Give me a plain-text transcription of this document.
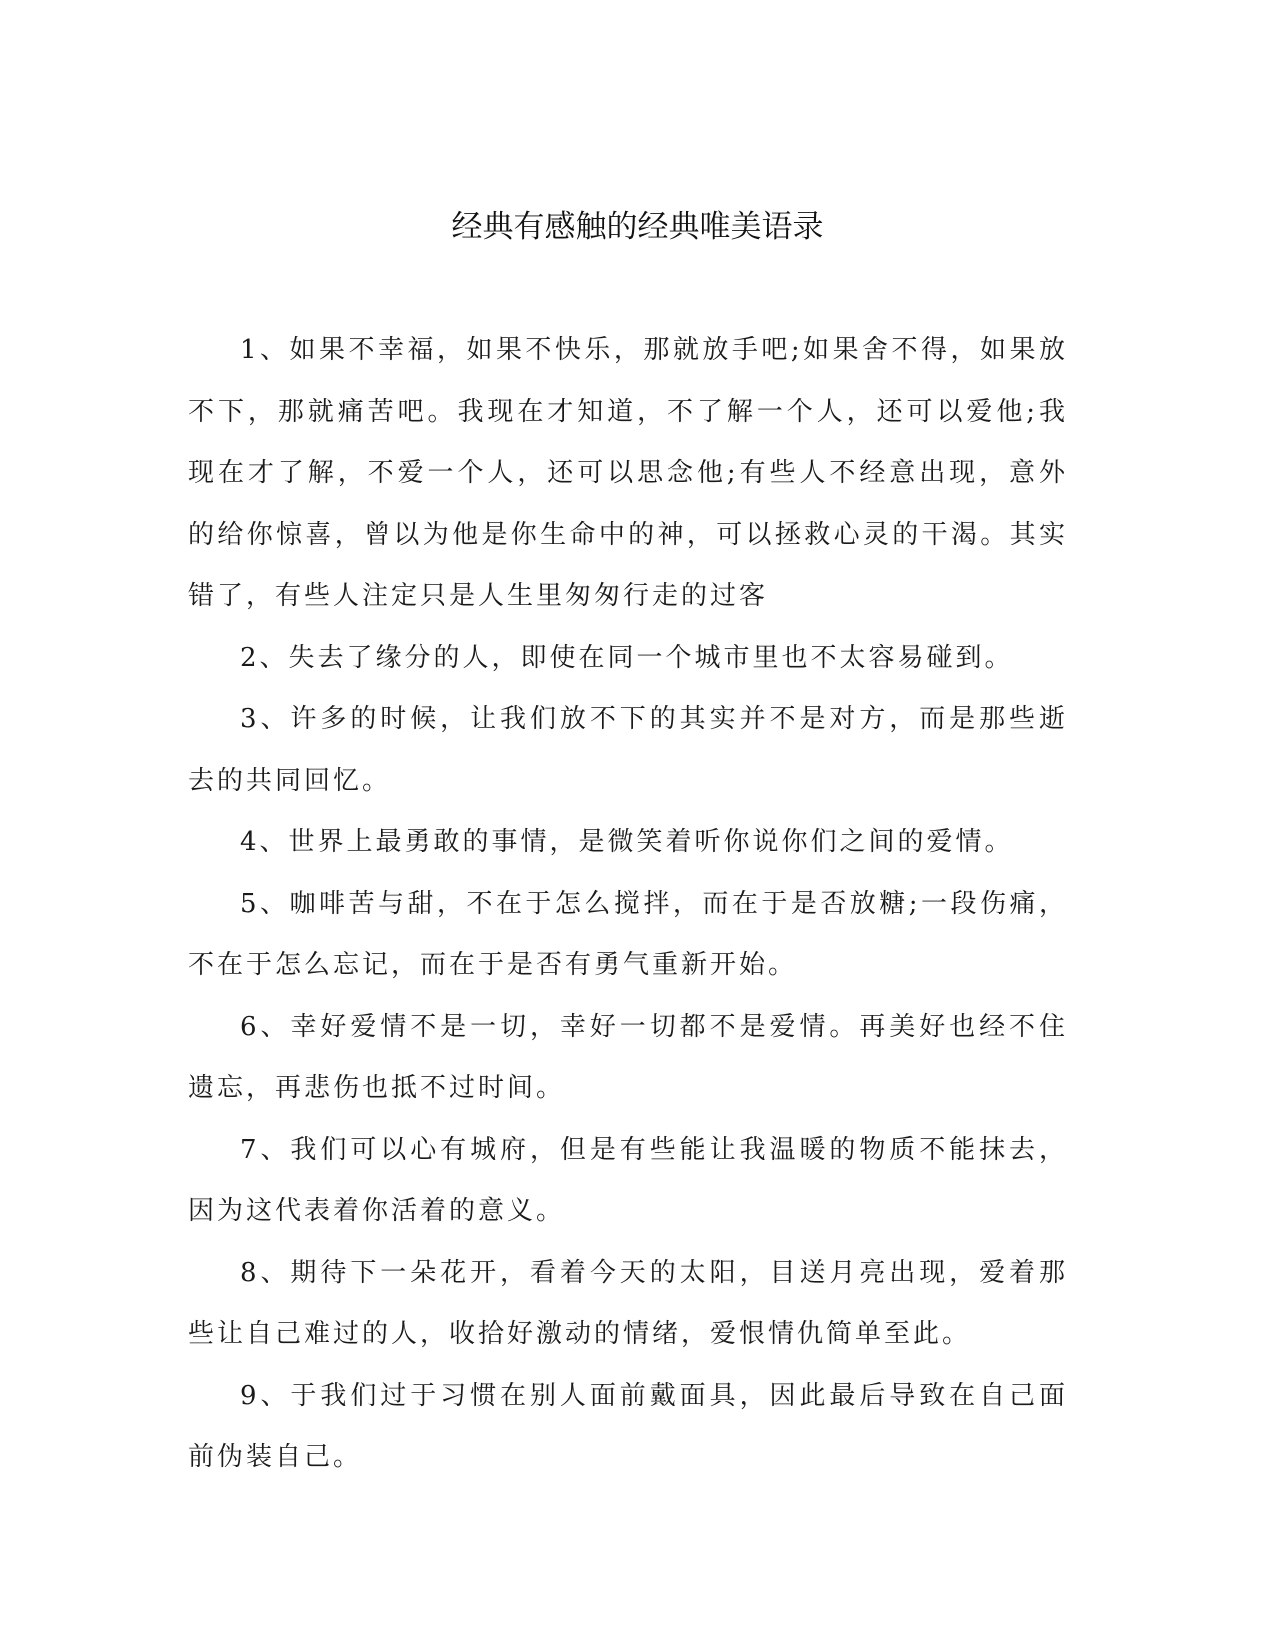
经典有感触的经典唯美语录

1、如果不幸福，如果不快乐，那就放手吧;如果舍不得，如果放不下，那就痛苦吧。我现在才知道，不了解一个人，还可以爱他;我现在才了解，不爱一个人，还可以思念他;有些人不经意出现，意外的给你惊喜，曾以为他是你生命中的神，可以拯救心灵的干渴。其实错了，有些人注定只是人生里匆匆行走的过客

2、失去了缘分的人，即使在同一个城市里也不太容易碰到。

3、许多的时候，让我们放不下的其实并不是对方，而是那些逝去的共同回忆。

4、世界上最勇敢的事情，是微笑着听你说你们之间的爱情。

5、咖啡苦与甜，不在于怎么搅拌，而在于是否放糖;一段伤痛，不在于怎么忘记，而在于是否有勇气重新开始。

6、幸好爱情不是一切，幸好一切都不是爱情。再美好也经不住遗忘，再悲伤也抵不过时间。

7、我们可以心有城府，但是有些能让我温暖的物质不能抹去，因为这代表着你活着的意义。

8、期待下一朵花开，看着今天的太阳，目送月亮出现，爱着那些让自己难过的人，收拾好激动的情绪，爱恨情仇简单至此。

9、于我们过于习惯在别人面前戴面具，因此最后导致在自己面前伪装自己。
